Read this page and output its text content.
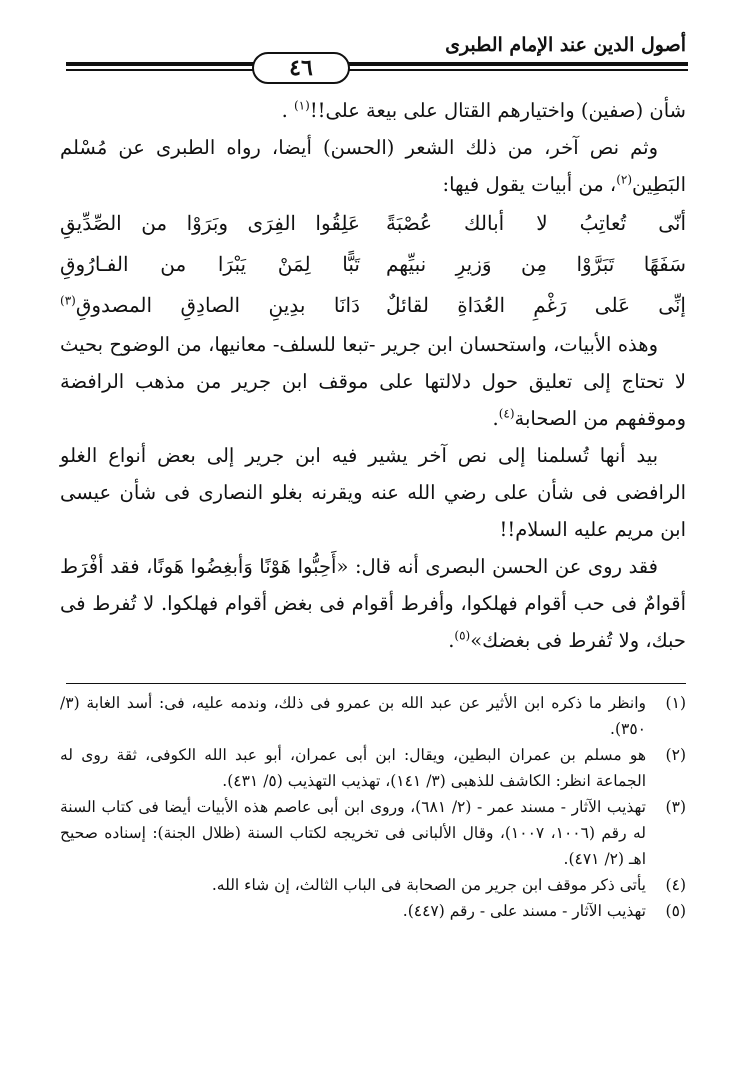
أصول الدين عند الإمام الطبرى
٤٦

شأن (صفين) واختيارهم القتال على بيعة على!!$^{(١)}$ .

وثم نص آخر، من ذلك الشعر (الحسن) أيضا، رواه الطبرى عن مُسْلم البَطِين$^{(٢)}$، من أبيات يقول فيها:

أنّى تُعاتِبُ لا أبالك عُصْبَةً
عَلِقُوا الفِرَى وبَرَوْا من الصِّدِّيقِ
سَفَهًا تَبَرَّوْا مِن وَزيرِ نبيِّهم
تَبًّا لِمَنْ يَبْرَا من الفـارُوقِ
إنِّى عَلى رَغْمِ العُدَاةِ لقائلٌ
دَانَا بدِينِ الصادِقِ المصدوقِ$^{(٣)}$

وهذه الأبيات، واستحسان ابن جرير -تبعا للسلف- معانيها، من الوضوح بحيث لا تحتاج إلى تعليق حول دلالتها على موقف ابن جرير من مذهب الرافضة وموقفهم من الصحابة$^{(٤)}$.

بيد أنها تُسلمنا إلى نص آخر يشير فيه ابن جرير إلى بعض أنواع الغلو الرافضى فى شأن على رضي الله عنه ويقرنه بغلو النصارى فى شأن عيسى ابن مريم عليه السلام!!

فقد روى عن الحسن البصرى أنه قال: «أَحِبُّوا هَوْنًا وَأبغِضُوا هَونًا، فقد أفْرَط أقوامٌ فى حب أقوام فهلكوا، وأفرط أقوام فى بغض أقوام فهلكوا. لا تُفرط فى حبك، ولا تُفرط فى بغضك»$^{(٥)}$.

(١)
وانظر ما ذكره ابن الأثير عن عبد الله بن عمرو فى ذلك، وندمه عليه، فى: أسد الغابة (٣/ ٣٥٠).
(٢)
هو مسلم بن عمران البطين، ويقال: ابن أبى عمران، أبو عبد الله الكوفى، ثقة روى له الجماعة انظر: الكاشف للذهبى (٣/ ١٤١)، تهذيب التهذيب (٥/ ٤٣١).
(٣)
تهذيب الآثار - مسند عمر - (٢/ ٦٨١)، وروى ابن أبى عاصم هذه الأبيات أيضا فى كتاب السنة له رقم (١٠٠٦، ١٠٠٧)، وقال الألبانى فى تخريجه لكتاب السنة (ظلال الجنة): إسناده صحيح اهـ (٢/ ٤٧١).
(٤)
يأتى ذكر موقف ابن جرير من الصحابة فى الباب الثالث، إن شاء الله.
(٥)
تهذيب الآثار - مسند على - رقم (٤٤٧).
